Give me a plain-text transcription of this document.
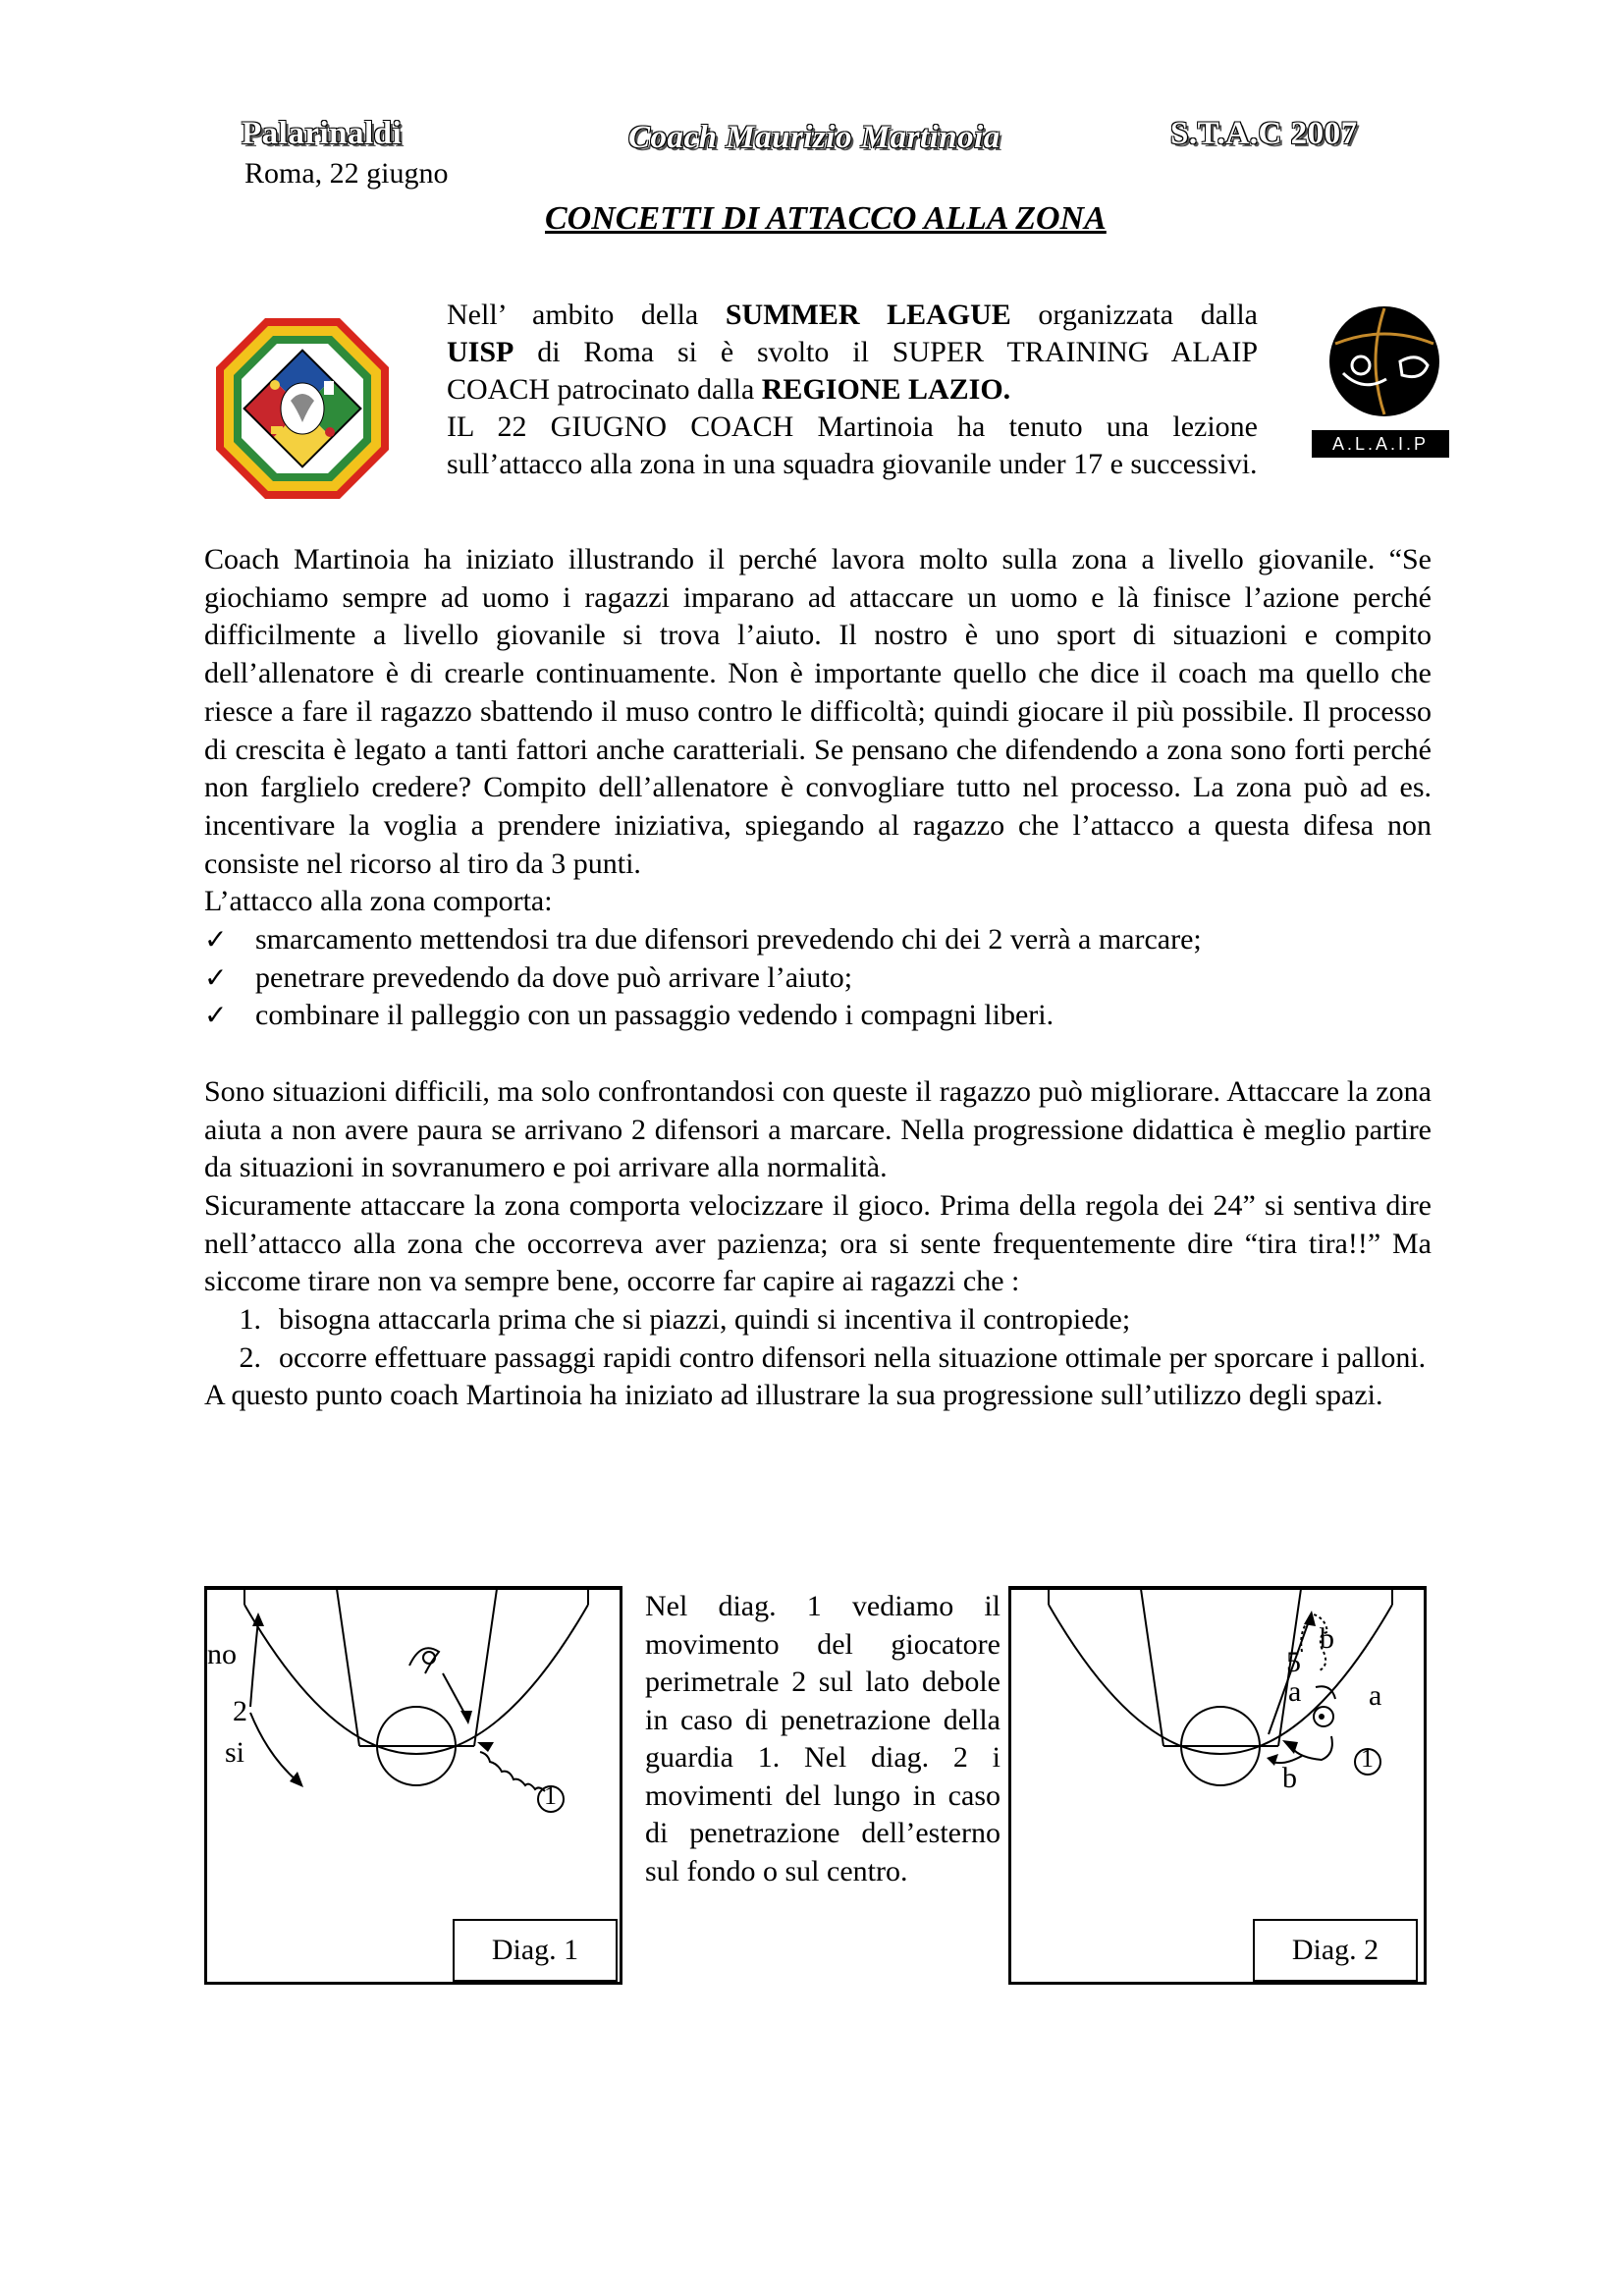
Palarinaldi
Roma, 22 giugno
Coach Maurizio Martinoia	S.T.A.C 2007
CONCETTI DI ATTACCO ALLA ZONA
A.L.A.I.P

Nell’ ambito della SUMMER LEAGUE organizzata dalla

UISP di Roma si è svolto il SUPER TRAINING ALAIP

COACH patrocinato dalla REGIONE LAZIO.

IL 22 GIUGNO COACH Martinoia ha tenuto una lezione sull’attacco alla zona in una squadra giovanile under 17 e successivi.

Coach Martinoia ha iniziato illustrando il perché lavora molto sulla zona a livello giovanile. “Se giochiamo sempre ad uomo i ragazzi imparano ad attaccare un uomo e là finisce l’azione perché difficilmente a livello giovanile si trova l’aiuto. Il nostro è uno sport di situazioni e compito dell’allenatore è di crearle continuamente. Non è importante quello che dice il coach ma quello che riesce a fare il ragazzo sbattendo il muso contro le difficoltà; quindi giocare il più possibile. Il processo di crescita è legato a tanti fattori anche caratteriali. Se pensano che difendendo a zona sono forti perché non farglielo credere? Compito dell’allenatore è convogliare tutto nel processo. La zona può ad es. incentivare la voglia a prendere iniziativa, spiegando al ragazzo che l’attacco a questa difesa non consiste nel ricorso al tiro da 3 punti.

L’attacco alla zona comporta:

✓ smarcamento mettendosi tra due difensori prevedendo chi dei 2 verrà a marcare;
✓ penetrare prevedendo da dove può arrivare l’aiuto;
✓ combinare il palleggio con un passaggio vedendo i compagni liberi.

Sono situazioni difficili, ma solo confrontandosi con queste il ragazzo può migliorare. Attaccare la zona aiuta a non avere paura se arrivano 2 difensori a marcare. Nella progressione didattica è meglio partire da situazioni in sovranumero e poi arrivare alla normalità.

Sicuramente attaccare la zona comporta velocizzare il gioco. Prima della regola dei 24” si sentiva dire nell’attacco alla zona che occorreva aver pazienza; ora si sente frequentemente dire “tira tira!!” Ma siccome tirare non va sempre bene, occorre far capire ai ragazzi che :

1. bisogna attaccarla prima che si piazzi, quindi si incentiva il contropiede;
2. occorre effettuare passaggi rapidi contro difensori nella situazione ottimale per sporcare i palloni.

A questo punto coach Martinoia ha iniziato ad illustrare la sua progressione sull’utilizzo degli spazi.

no
2
si
1
Diag. 1
Nel diag. 1 vediamo il movimento del giocatore perimetrale 2 sul lato debole in caso di penetrazione della guardia 1. Nel diag. 2 i movimenti del lungo in caso di penetrazione dell’esterno sul fondo o sul centro.
b
5
a a
1
b
Diag. 2
